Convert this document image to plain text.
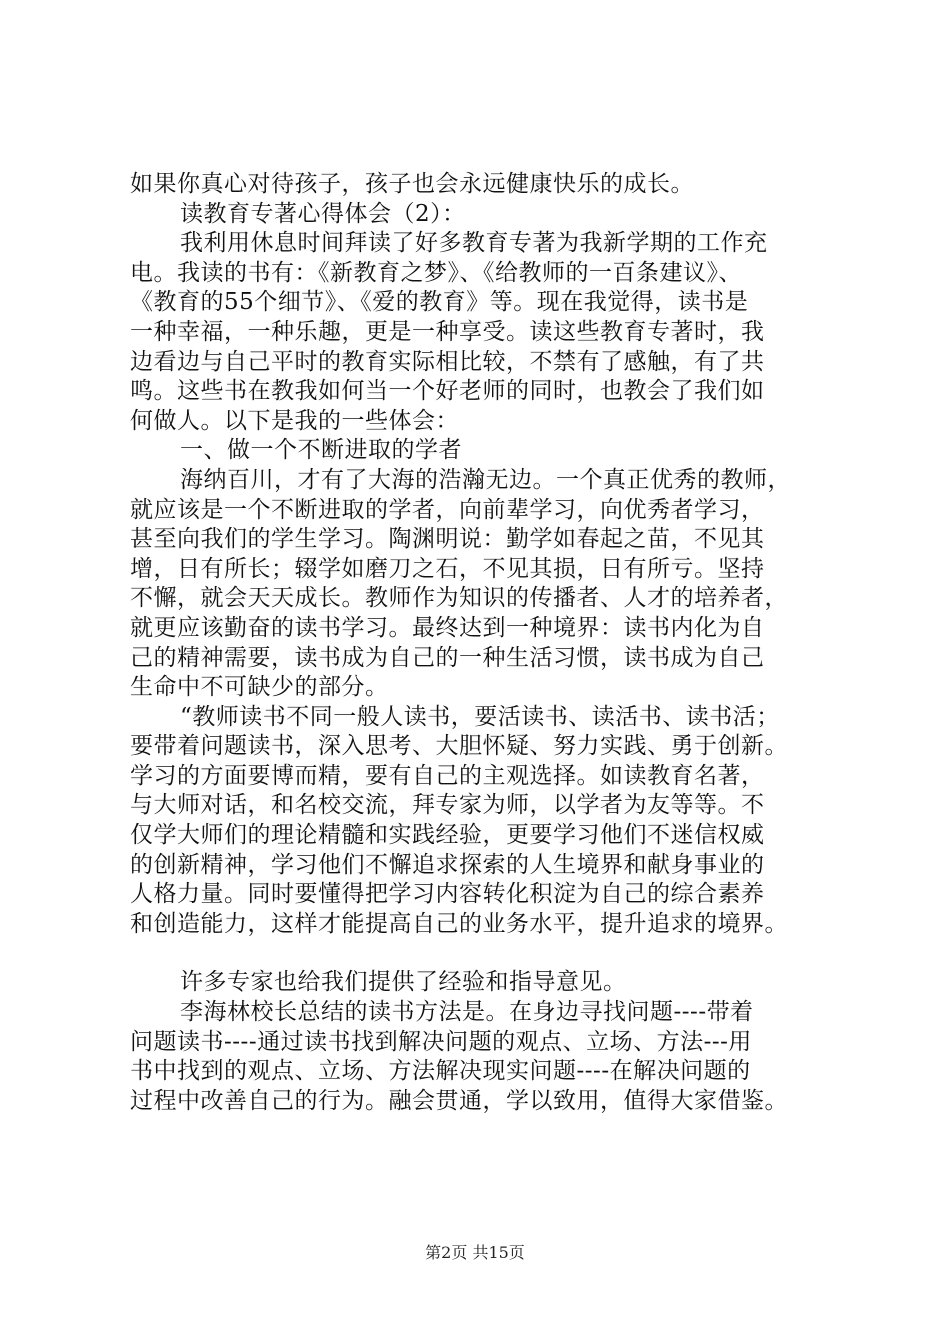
如果你真心对待孩子，孩子也会永远健康快乐的成长。
读教育专著心得体会（2）：
我利用休息时间拜读了好多教育专著为我新学期的工作充
电。我读的书有：《新教育之梦》、《给教师的一百条建议》、
《教育的55个细节》、《爱的教育》等。现在我觉得，读书是
一种幸福，一种乐趣，更是一种享受。读这些教育专著时，我
边看边与自己平时的教育实际相比较，不禁有了感触，有了共
鸣。这些书在教我如何当一个好老师的同时，也教会了我们如
何做人。以下是我的一些体会：
一、做一个不断进取的学者
海纳百川，才有了大海的浩瀚无边。一个真正优秀的教师，
就应该是一个不断进取的学者，向前辈学习，向优秀者学习，
甚至向我们的学生学习。陶渊明说：勤学如春起之苗，不见其
增，日有所长；辍学如磨刀之石，不见其损，日有所亏。坚持
不懈，就会天天成长。教师作为知识的传播者、人才的培养者，
就更应该勤奋的读书学习。最终达到一种境界：读书内化为自
己的精神需要，读书成为自己的一种生活习惯，读书成为自己
生命中不可缺少的部分。
“教师读书不同一般人读书，要活读书、读活书、读书活；
要带着问题读书，深入思考、大胆怀疑、努力实践、勇于创新。
学习的方面要博而精，要有自己的主观选择。如读教育名著，
与大师对话，和名校交流，拜专家为师，以学者为友等等。不
仅学大师们的理论精髓和实践经验，更要学习他们不迷信权威
的创新精神，学习他们不懈追求探索的人生境界和献身事业的
人格力量。同时要懂得把学习内容转化积淀为自己的综合素养
和创造能力，这样才能提高自己的业务水平，提升追求的境界。
许多专家也给我们提供了经验和指导意见。
李海林校长总结的读书方法是。在身边寻找问题----带着
问题读书----通过读书找到解决问题的观点、立场、方法---用
书中找到的观点、立场、方法解决现实问题----在解决问题的
过程中改善自己的行为。融会贯通，学以致用，值得大家借鉴。
第2页 共15页
